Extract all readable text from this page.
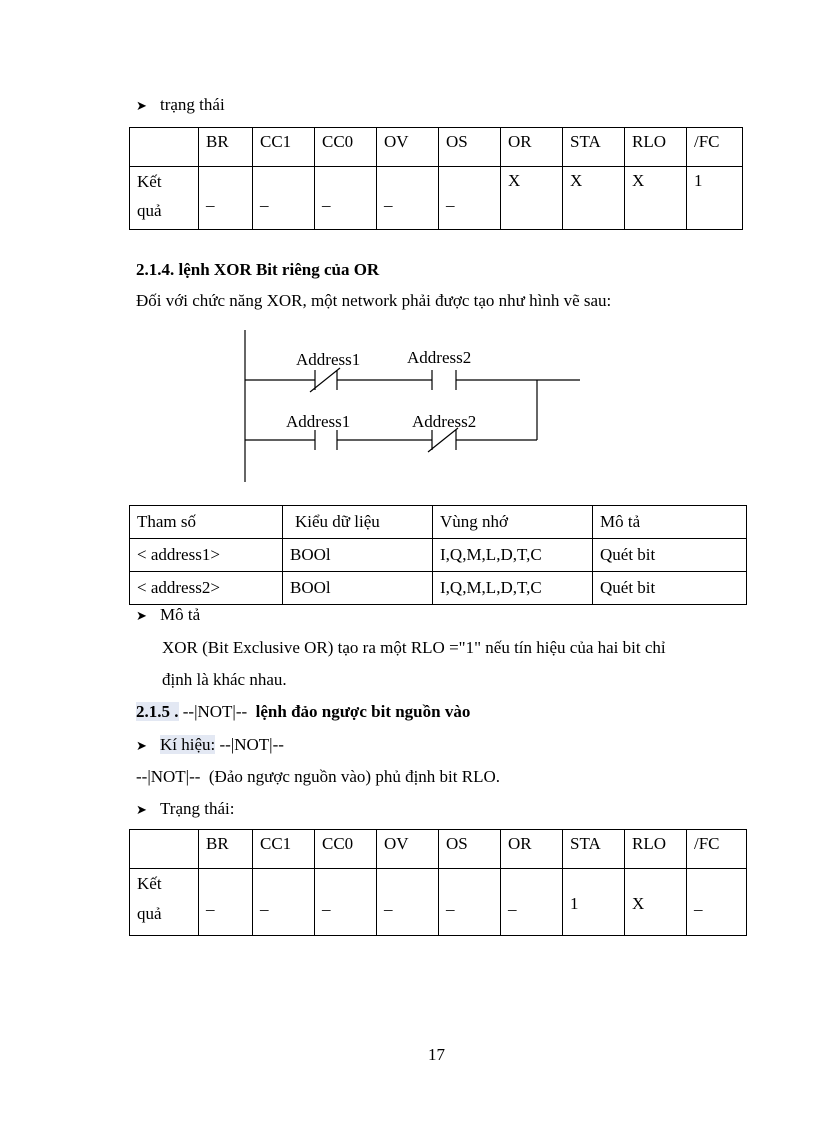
➤ trạng thái
	BR	CC1	CC0	OV	OS	OR	STA	RLO	/FC
Kết quả	_	_	_	_	_	X	X	X	1
2.1.4. lệnh XOR Bit riêng của OR
Đối với chức năng XOR, một network phải được tạo như hình vẽ sau:
Address1	Address2
Address1	Address2
Tham số	Kiểu dữ liệu	Vùng nhớ	Mô tả
< address1>	BOOl	I,Q,M,L,D,T,C	Quét bit
< address2>	BOOl	I,Q,M,L,D,T,C	Quét bit
➤ Mô tả
XOR (Bit Exclusive OR) tạo ra một RLO ="1" nếu tín hiệu của hai bit chỉ
định là khác nhau.
2.1.5 . --|NOT|--  lệnh đảo ngược bit nguồn vào
➤ Kí hiệu: --|NOT|--
--|NOT|--  (Đảo ngược nguồn vào) phủ định bit RLO.
➤ Trạng thái:
	BR	CC1	CC0	OV	OS	OR	STA	RLO	/FC
Kết quả	_	_	_	_	_	_	1	X	_
17
